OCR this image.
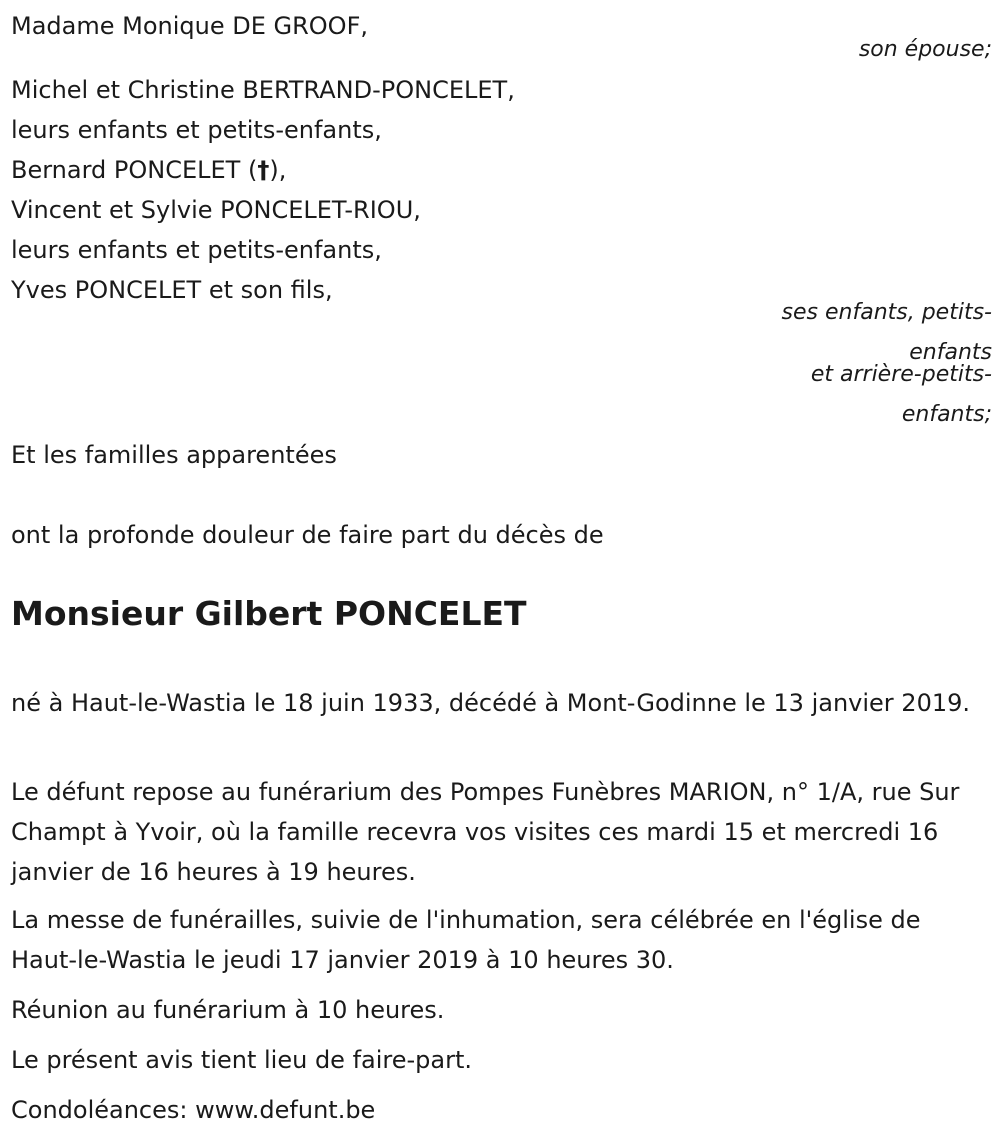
Madame Monique DE GROOF,
son épouse;
Michel et Christine BERTRAND-PONCELET,
leurs enfants et petits-enfants,
Bernard PONCELET (†),
Vincent et Sylvie PONCELET-RIOU,
leurs enfants et petits-enfants,
Yves PONCELET et son fils,
ses enfants, petits-enfants
et arrière-petits-enfants;
Et les familles apparentées
ont la profonde douleur de faire part du décès de
Monsieur Gilbert PONCELET
né à Haut-le-Wastia le 18 juin 1933, décédé à Mont-Godinne le 13 janvier 2019.
Le défunt repose au funérarium des Pompes Funèbres MARION, n° 1/A, rue Sur Champt à Yvoir, où la famille recevra vos visites ces mardi 15 et mercredi 16 janvier de 16 heures à 19 heures.
La messe de funérailles, suivie de l'inhumation, sera célébrée en l'église de Haut-le-Wastia le jeudi 17 janvier 2019 à 10 heures 30.
Réunion au funérarium à 10 heures.
Le présent avis tient lieu de faire-part.
Condoléances: www.defunt.be
